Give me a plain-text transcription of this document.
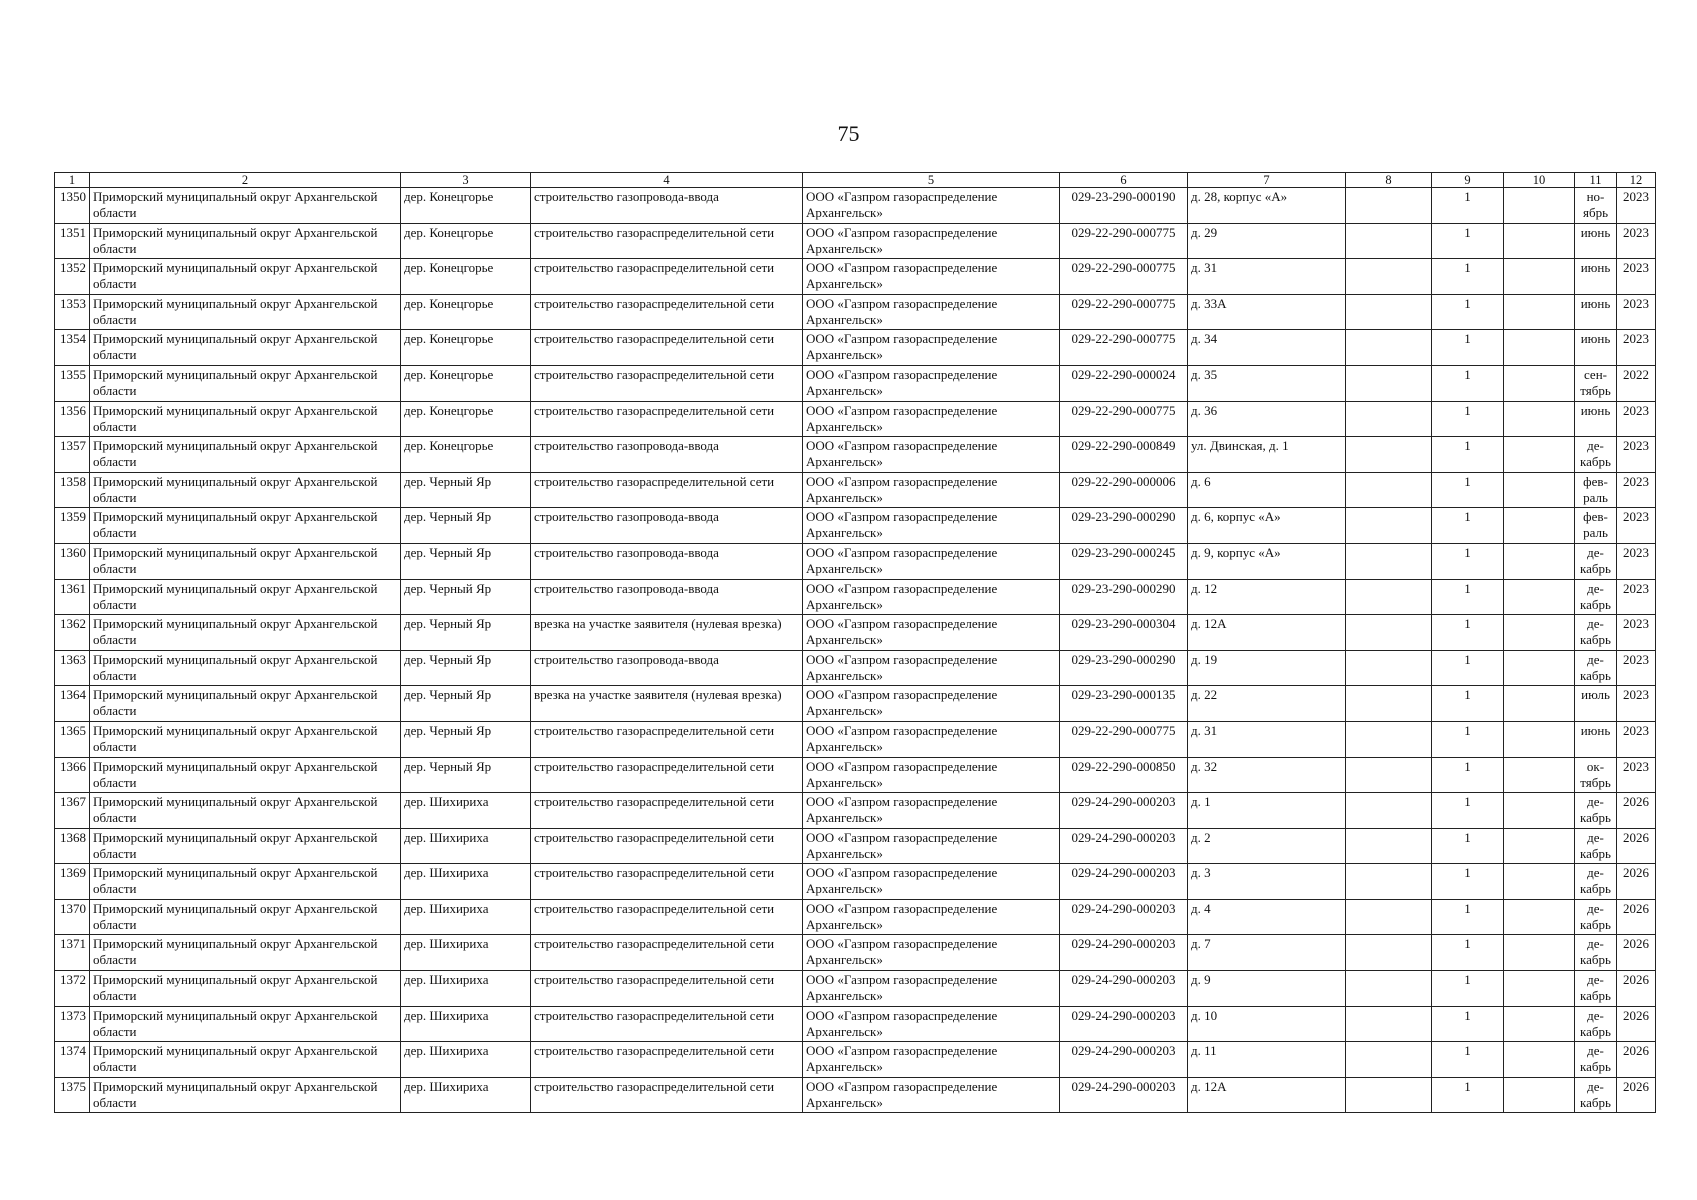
75
1	2	3	4	5	6	7	8	9	10	11	12
1350	Приморский муниципальный округ Архангельской области	дер. Конецгорье	строительство газопровода-ввода	ООО «Газпром газораспределение Архангельск»	029-23-290-000190	д. 28, корпус «А»		1		но-ябрь	2023
1351	Приморский муниципальный округ Архангельской области	дер. Конецгорье	строительство газораспределительной сети	ООО «Газпром газораспределение Архангельск»	029-22-290-000775	д. 29		1		июнь	2023
1352	Приморский муниципальный округ Архангельской области	дер. Конецгорье	строительство газораспределительной сети	ООО «Газпром газораспределение Архангельск»	029-22-290-000775	д. 31		1		июнь	2023
1353	Приморский муниципальный округ Архангельской области	дер. Конецгорье	строительство газораспределительной сети	ООО «Газпром газораспределение Архангельск»	029-22-290-000775	д. 33А		1		июнь	2023
1354	Приморский муниципальный округ Архангельской области	дер. Конецгорье	строительство газораспределительной сети	ООО «Газпром газораспределение Архангельск»	029-22-290-000775	д. 34		1		июнь	2023
1355	Приморский муниципальный округ Архангельской области	дер. Конецгорье	строительство газораспределительной сети	ООО «Газпром газораспределение Архангельск»	029-22-290-000024	д. 35		1		сен-тябрь	2022
1356	Приморский муниципальный округ Архангельской области	дер. Конецгорье	строительство газораспределительной сети	ООО «Газпром газораспределение Архангельск»	029-22-290-000775	д. 36		1		июнь	2023
1357	Приморский муниципальный округ Архангельской области	дер. Конецгорье	строительство газопровода-ввода	ООО «Газпром газораспределение Архангельск»	029-22-290-000849	ул. Двинская, д. 1		1		де-кабрь	2023
1358	Приморский муниципальный округ Архангельской области	дер. Черный Яр	строительство газораспределительной сети	ООО «Газпром газораспределение Архангельск»	029-22-290-000006	д. 6		1		фев-раль	2023
1359	Приморский муниципальный округ Архангельской области	дер. Черный Яр	строительство газопровода-ввода	ООО «Газпром газораспределение Архангельск»	029-23-290-000290	д. 6, корпус «А»		1		фев-раль	2023
1360	Приморский муниципальный округ Архангельской области	дер. Черный Яр	строительство газопровода-ввода	ООО «Газпром газораспределение Архангельск»	029-23-290-000245	д. 9, корпус «А»		1		де-кабрь	2023
1361	Приморский муниципальный округ Архангельской области	дер. Черный Яр	строительство газопровода-ввода	ООО «Газпром газораспределение Архангельск»	029-23-290-000290	д. 12		1		де-кабрь	2023
1362	Приморский муниципальный округ Архангельской области	дер. Черный Яр	врезка на участке заявителя (нулевая врезка)	ООО «Газпром газораспределение Архангельск»	029-23-290-000304	д. 12А		1		де-кабрь	2023
1363	Приморский муниципальный округ Архангельской области	дер. Черный Яр	строительство газопровода-ввода	ООО «Газпром газораспределение Архангельск»	029-23-290-000290	д. 19		1		де-кабрь	2023
1364	Приморский муниципальный округ Архангельской области	дер. Черный Яр	врезка на участке заявителя (нулевая врезка)	ООО «Газпром газораспределение Архангельск»	029-23-290-000135	д. 22		1		июль	2023
1365	Приморский муниципальный округ Архангельской области	дер. Черный Яр	строительство газораспределительной сети	ООО «Газпром газораспределение Архангельск»	029-22-290-000775	д. 31		1		июнь	2023
1366	Приморский муниципальный округ Архангельской области	дер. Черный Яр	строительство газораспределительной сети	ООО «Газпром газораспределение Архангельск»	029-22-290-000850	д. 32		1		ок-тябрь	2023
1367	Приморский муниципальный округ Архангельской области	дер. Шихириха	строительство газораспределительной сети	ООО «Газпром газораспределение Архангельск»	029-24-290-000203	д. 1		1		де-кабрь	2026
1368	Приморский муниципальный округ Архангельской области	дер. Шихириха	строительство газораспределительной сети	ООО «Газпром газораспределение Архангельск»	029-24-290-000203	д. 2		1		де-кабрь	2026
1369	Приморский муниципальный округ Архангельской области	дер. Шихириха	строительство газораспределительной сети	ООО «Газпром газораспределение Архангельск»	029-24-290-000203	д. 3		1		де-кабрь	2026
1370	Приморский муниципальный округ Архангельской области	дер. Шихириха	строительство газораспределительной сети	ООО «Газпром газораспределение Архангельск»	029-24-290-000203	д. 4		1		де-кабрь	2026
1371	Приморский муниципальный округ Архангельской области	дер. Шихириха	строительство газораспределительной сети	ООО «Газпром газораспределение Архангельск»	029-24-290-000203	д. 7		1		де-кабрь	2026
1372	Приморский муниципальный округ Архангельской области	дер. Шихириха	строительство газораспределительной сети	ООО «Газпром газораспределение Архангельск»	029-24-290-000203	д. 9		1		де-кабрь	2026
1373	Приморский муниципальный округ Архангельской области	дер. Шихириха	строительство газораспределительной сети	ООО «Газпром газораспределение Архангельск»	029-24-290-000203	д. 10		1		де-кабрь	2026
1374	Приморский муниципальный округ Архангельской области	дер. Шихириха	строительство газораспределительной сети	ООО «Газпром газораспределение Архангельск»	029-24-290-000203	д. 11		1		де-кабрь	2026
1375	Приморский муниципальный округ Архангельской области	дер. Шихириха	строительство газораспределительной сети	ООО «Газпром газораспределение Архангельск»	029-24-290-000203	д. 12А		1		де-кабрь	2026
